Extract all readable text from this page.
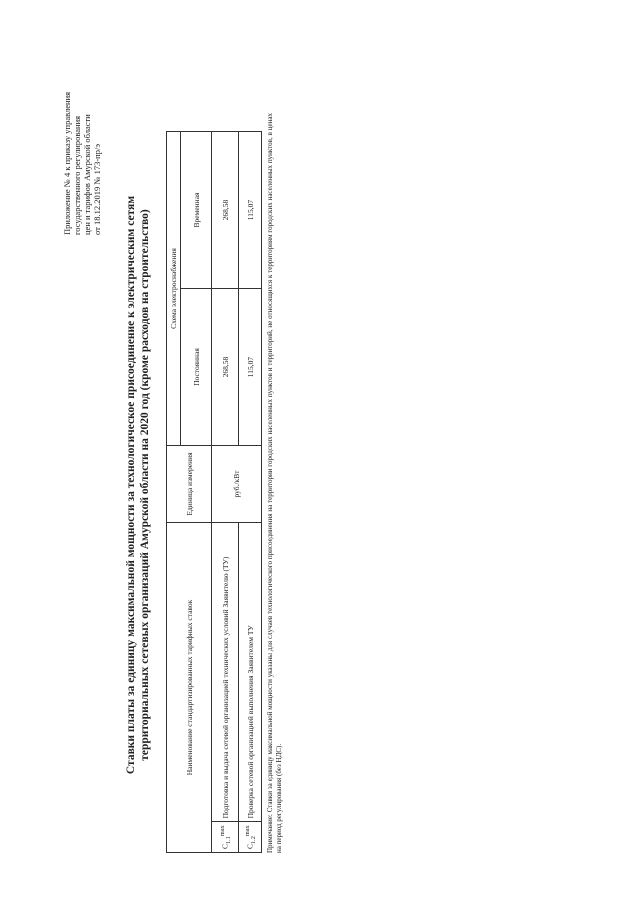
Приложение № 4 к приказу управления государственного регулирования цен и тарифов Амурской области от 18.12.2019 № 173-пр/э
Ставки платы за единицу максимальной мощности за технологическое присоединение к электрическим сетям территориальных сетевых организаций Амурской области на 2020 год (кроме расходов на строительство)	Наименование стандартизированных тарифных ставок		Единица измерения	Схема электроснабжения	
			Постоянная	Временная
$C_{1.1}^{max}$	Подготовка и выдача сетевой организацией технических условий Заявителю (ТУ)	руб./кВт	268,58	268,58
$C_{1.2}^{max}$	Проверка сетевой организацией выполнения Заявителем ТУ		115,07	115,07 Примечание: Ставки за единицу максимальной мощности указаны для случаев технологического присоединения на территории городских населенных пунктов и территорий, не относящихся к территориям городских населенных пунктов, в ценах на период регулирования (без НДС).
